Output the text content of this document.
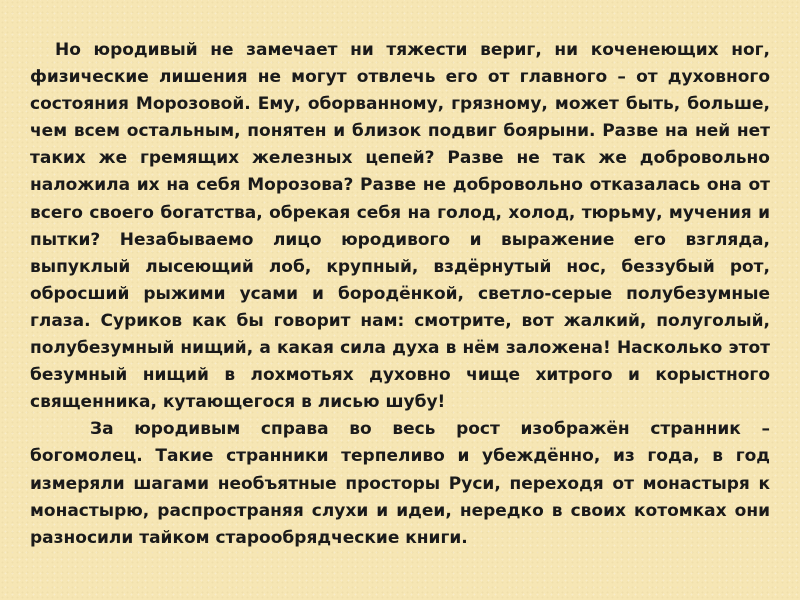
Но юродивый не замечает ни тяжести вериг, ни коченеющих ног, физические лишения не могут отвлечь его от главного – от духовного состояния Морозовой. Ему, оборванному, грязному, может быть, больше, чем всем остальным, понятен и близок подвиг боярыни. Разве на ней нет таких же гремящих железных цепей? Разве не так же добровольно наложила их на себя Морозова? Разве не добровольно отказалась она от всего своего богатства, обрекая себя на голод, холод, тюрьму, мучения и пытки? Незабываемо лицо юродивого и выражение его взгляда, выпуклый лысеющий лоб, крупный, вздёрнутый нос, беззубый рот, обросший рыжими усами и бородёнкой, светло-серые полубезумные глаза. Суриков как бы говорит нам: смотрите, вот жалкий, полуголый, полубезумный нищий, а какая сила духа в нём заложена! Насколько этот безумный нищий в лохмотьях духовно чище хитрого и корыстного священника, кутающегося в лисью шубу!

За юродивым справа во весь рост изображён странник – богомолец. Такие странники терпеливо и убеждённо, из года, в год измеряли шагами необъятные просторы Руси, переходя от монастыря к монастырю, распространяя слухи и идеи, нередко в своих котомках они разносили тайком старообрядческие книги.
